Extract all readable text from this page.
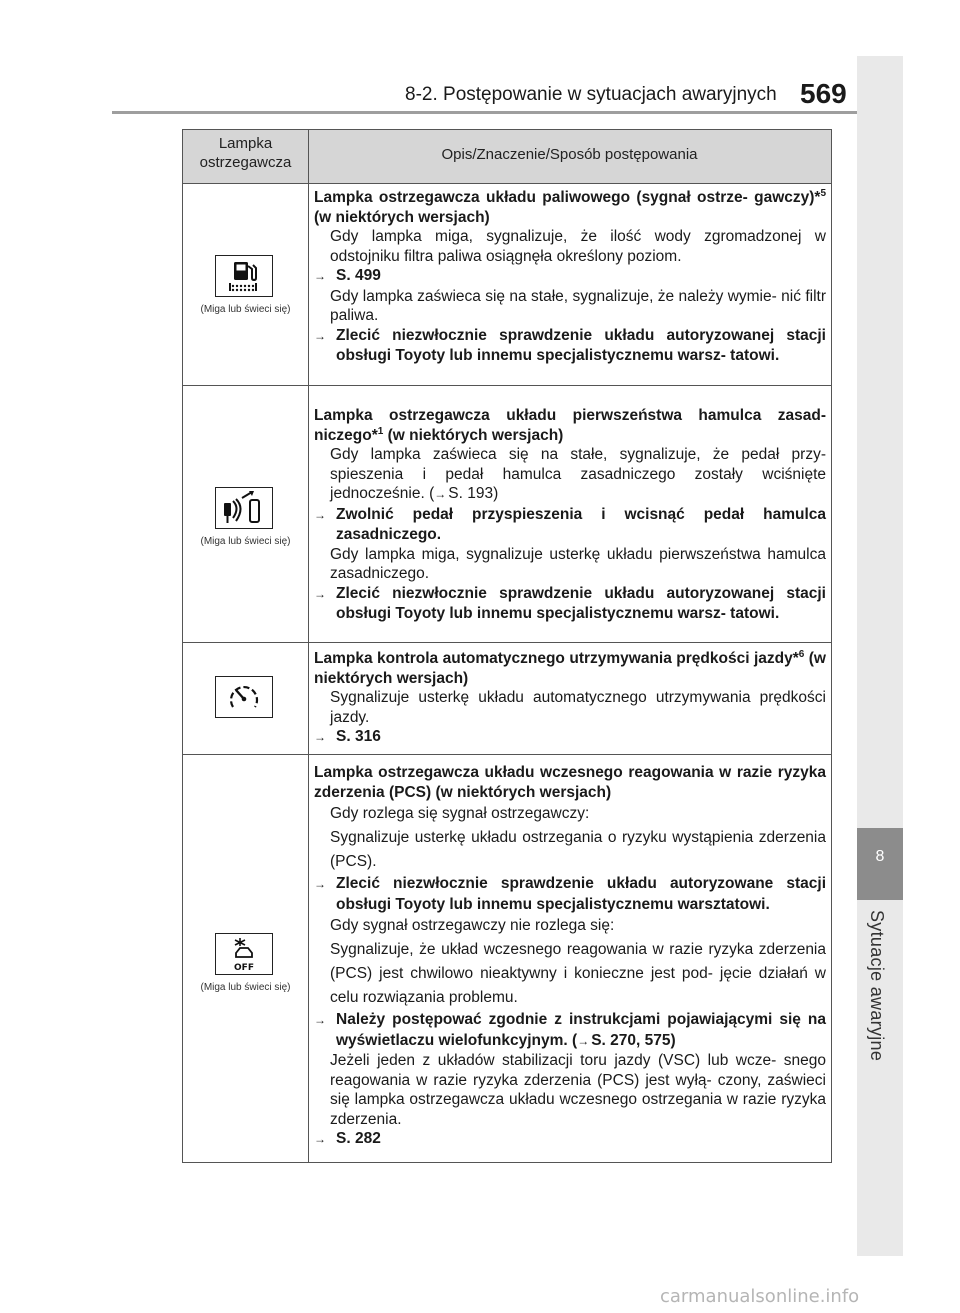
8-2. Postępowanie w sytuacjach awaryjnych 569
8
Sytuacje awaryjne
Lampka
ostrzegawcza	Opis/Znaczenie/Sposób postępowania
(Miga lub świeci się)

Lampka ostrzegawcza układu paliwowego (sygnał ostrze- gawczy)*$^5$ (w niektórych wersjach)

Gdy lampka miga, sygnalizuje, że ilość wody zgromadzonej w odstojniku filtra paliwa osiągnęła określony poziom.

→ S. 499

Gdy lampka zaświeca się na stałe, sygnalizuje, że należy wymie- nić filtr paliwa.

→ Zlecić niezwłocznie sprawdzenie układu autoryzowanej stacji obsługi Toyoty lub innemu specjalistycznemu warsz- tatowi.

(Miga lub świeci się)

Lampka ostrzegawcza układu pierwszeństwa hamulca zasad- niczego*$^1$ (w niektórych wersjach)

Gdy lampka zaświeca się na stałe, sygnalizuje, że pedał przy- spieszenia i pedał hamulca zasadniczego zostały wciśnięte jednocześnie. (→ S. 193)

→ Zwolnić pedał przyspieszenia i wcisnąć pedał hamulca zasadniczego.

Gdy lampka miga, sygnalizuje usterkę układu pierwszeństwa hamulca zasadniczego.

→ Zlecić niezwłocznie sprawdzenie układu autoryzowanej stacji obsługi Toyoty lub innemu specjalistycznemu warsz- tatowi.

Lampka kontrola automatycznego utrzymywania prędkości jazdy*$^6$ (w niektórych wersjach)

Sygnalizuje usterkę układu automatycznego utrzymywania prędkości jazdy.

→ S. 316

OFF
(Miga lub świeci się)

Lampka ostrzegawcza układu wczesnego reagowania w razie ryzyka zderzenia (PCS) (w niektórych wersjach)

Gdy rozlega się sygnał ostrzegawczy:

Sygnalizuje usterkę układu ostrzegania o ryzyku wystąpienia zderzenia (PCS).

→ Zlecić niezwłocznie sprawdzenie układu autoryzowane stacji obsługi Toyoty lub innemu specjalistycznemu warsztatowi.

Gdy sygnał ostrzegawczy nie rozlega się:

Sygnalizuje, że układ wczesnego reagowania w razie ryzyka zderzenia (PCS) jest chwilowo nieaktywny i konieczne jest pod- jęcie działań w celu rozwiązania problemu.

→ Należy postępować zgodnie z instrukcjami pojawiającymi się na wyświetlaczu wielofunkcyjnym. (→ S. 270, 575)

Jeżeli jeden z układów stabilizacji toru jazdy (VSC) lub wcze- snego reagowania w razie ryzyka zderzenia (PCS) jest wyłą- czony, zaświeci się lampka ostrzegawcza układu wczesnego ostrzegania w razie ryzyka zderzenia.

→ S. 282

carmanualsonline.info
